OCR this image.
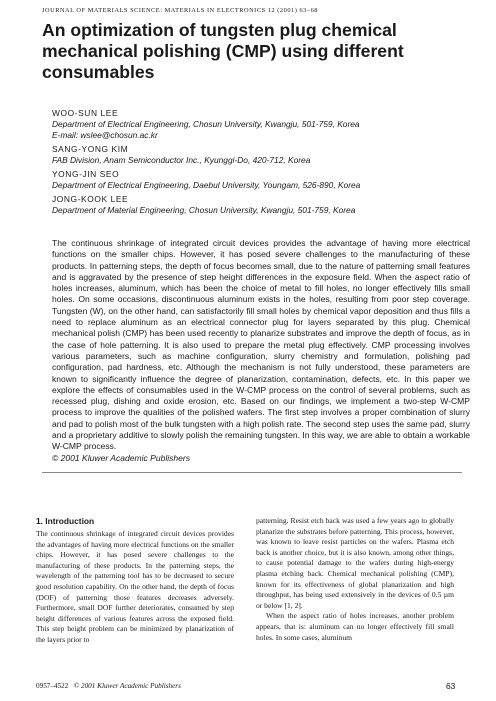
JOURNAL OF MATERIALS SCIENCE: MATERIALS IN ELECTRONICS 12 (2001) 63–68
An optimization of tungsten plug chemical mechanical polishing (CMP) using different consumables
WOO-SUN LEE
Department of Electrical Engineering, Chosun University, Kwangju, 501-759, Korea
E-mail: wslee@chosun.ac.kr
SANG-YONG KIM
FAB Division, Anam Semiconductor Inc., Kyunggi-Do, 420-712, Korea
YONG-JIN SEO
Department of Electrical Engineering, Daebul University, Youngam, 526-890, Korea
JONG-KOOK LEE
Department of Material Engineering, Chosun University, Kwangju, 501-759, Korea

The continuous shrinkage of integrated circuit devices provides the advantage of having more electrical functions on the smaller chips. However, it has posed severe challenges to the manufacturing of these products. In patterning steps, the depth of focus becomes small, due to the nature of patterning small features and is aggravated by the presence of step height differences in the exposure field. When the aspect ratio of holes increases, aluminum, which has been the choice of metal to fill holes, no longer effectively fills small holes. On some occasions, discontinuous aluminum exists in the holes, resulting from poor step coverage. Tungsten (W), on the other hand, can satisfactorily fill small holes by chemical vapor deposition and thus fills a need to replace aluminum as an electrical connector plug for layers separated by this plug. Chemical mechanical polish (CMP) has been used recently to planarize substrates and improve the depth of focus, as in the case of hole patterning. It is also used to prepare the metal plug effectively. CMP processing involves various parameters, such as machine configuration, slurry chemistry and formulation, polishing pad configuration, pad hardness, etc. Although the mechanism is not fully understood, these parameters are known to significantly influence the degree of planarization, contamination, defects, etc. In this paper we explore the effects of consumables used in the W-CMP process on the control of several problems, such as recessed plug, dishing and oxide erosion, etc. Based on our findings, we implement a two-step W-CMP process to improve the qualities of the polished wafers. The first step involves a proper combination of slurry and pad to polish most of the bulk tungsten with a high polish rate. The second step uses the same pad, slurry and a proprietary additive to slowly polish the remaining tungsten. In this way, we are able to obtain a workable W-CMP process.

© 2001 Kluwer Academic Publishers
1. Introduction

The continuous shrinkage of integrated circuit devices provides the advantages of having more electrical functions on the smaller chips. However, it has posed severe challenges to the manufacturing of these products. In the patterning steps, the wavelength of the patterning tool has to be decreased to secure good resolution capability. On the other hand, the depth of focus (DOF) of patterning those features decreases adversely. Furthermore, small DOF further deteriorates, consumed by step height differences of various features across the exposed field. This step height problem can be minimized by planarization of the layers prior to

patterning. Resist etch back was used a few years ago to globally planarize the substrates before patterning. This process, however, was known to leave resist particles on the wafers. Plasma etch back is another choice, but it is also known, among other things, to cause potential damage to the wafers during high-energy plasma etching back. Chemical mechanical polishing (CMP), known for its effectiveness of global planarization and high throughput, has being used extensively in the devices of 0.5 µm or below [1, 2].

When the aspect ratio of holes increases, another problem appears, that is: aluminum can no longer effectively fill small holes. In some cases, aluminum

0957–4522 © 2001 Kluwer Academic Publishers	63
